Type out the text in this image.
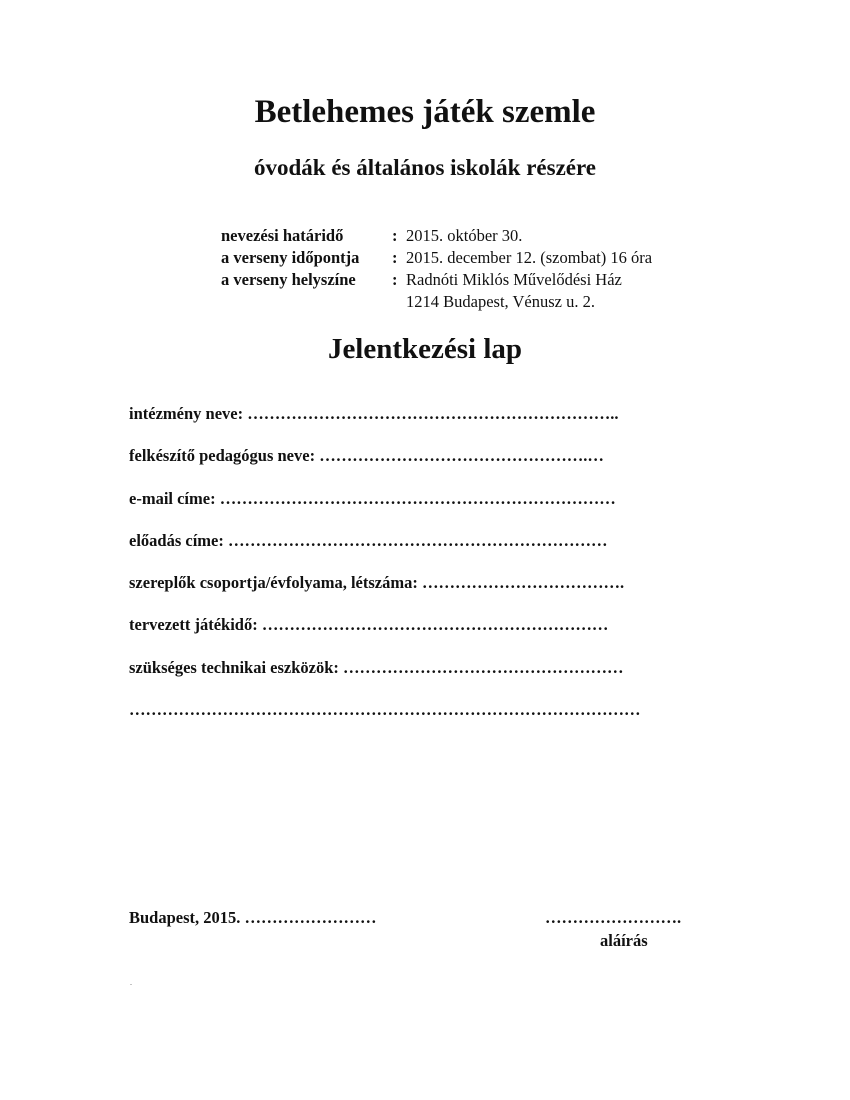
Betlehemes játék szemle
óvodák és általános iskolák részére
nevezési határidő	: 2015. október 30.
a verseny időpontja	: 2015. december 12. (szombat) 16 óra
a verseny helyszíne	: Radnóti Miklós Művelődési Ház
1214 Budapest, Vénusz u. 2.
Jelentkezési lap
intézmény neve: …………………………………………………………..
felkészítő pedagógus neve: ………………………………………….…
e-mail címe: ………………………………………………………………
előadás címe: ……………………………………………………………
szereplők csoportja/évfolyama, létszáma: ……………………………….
tervezett játékidő: ………………………………………………………
szükséges technikai eszközök: ……………………………………………
…………………………………………………………………………………
Budapest, 2015. ……………………	…………………….
aláírás
.
